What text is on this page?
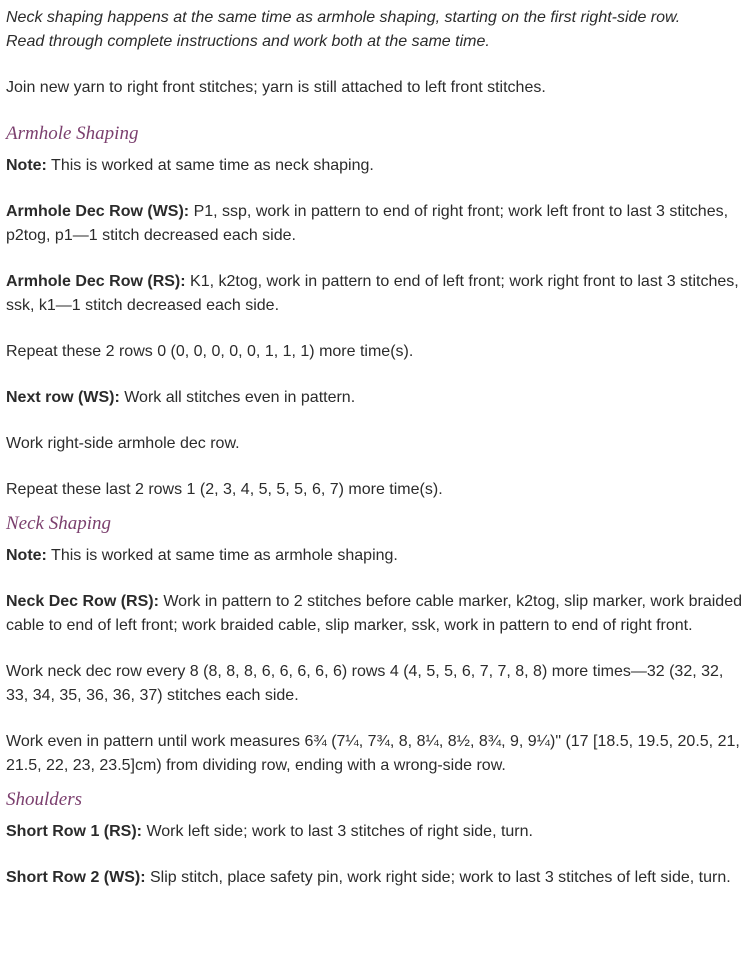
Neck shaping happens at the same time as armhole shaping, starting on the first right-side row.
Read through complete instructions and work both at the same time.

Join new yarn to right front stitches; yarn is still attached to left front stitches.

Armhole Shaping

Note: This is worked at same time as neck shaping.

Armhole Dec Row (WS): P1, ssp, work in pattern to end of right front; work left front to last 3 stitches, p2tog, p1—1 stitch decreased each side.

Armhole Dec Row (RS): K1, k2tog, work in pattern to end of left front; work right front to last 3 stitches, ssk, k1—1 stitch decreased each side.

Repeat these 2 rows 0 (0, 0, 0, 0, 0, 1, 1, 1) more time(s).

Next row (WS): Work all stitches even in pattern.

Work right-side armhole dec row.

Repeat these last 2 rows 1 (2, 3, 4, 5, 5, 5, 6, 7) more time(s).

Neck Shaping

Note: This is worked at same time as armhole shaping.

Neck Dec Row (RS): Work in pattern to 2 stitches before cable marker, k2tog, slip marker, work braided cable to end of left front; work braided cable, slip marker, ssk, work in pattern to end of right front.

Work neck dec row every 8 (8, 8, 8, 6, 6, 6, 6, 6) rows 4 (4, 5, 5, 6, 7, 7, 8, 8) more times—32 (32, 32, 33, 34, 35, 36, 36, 37) stitches each side.

Work even in pattern until work measures 6¾ (7¼, 7¾, 8, 8¼, 8½, 8¾, 9, 9¼)" (17 [18.5, 19.5, 20.5, 21, 21.5, 22, 23, 23.5]cm) from dividing row, ending with a wrong-side row.

Shoulders

Short Row 1 (RS): Work left side; work to last 3 stitches of right side, turn.

Short Row 2 (WS): Slip stitch, place safety pin, work right side; work to last 3 stitches of left side, turn.
